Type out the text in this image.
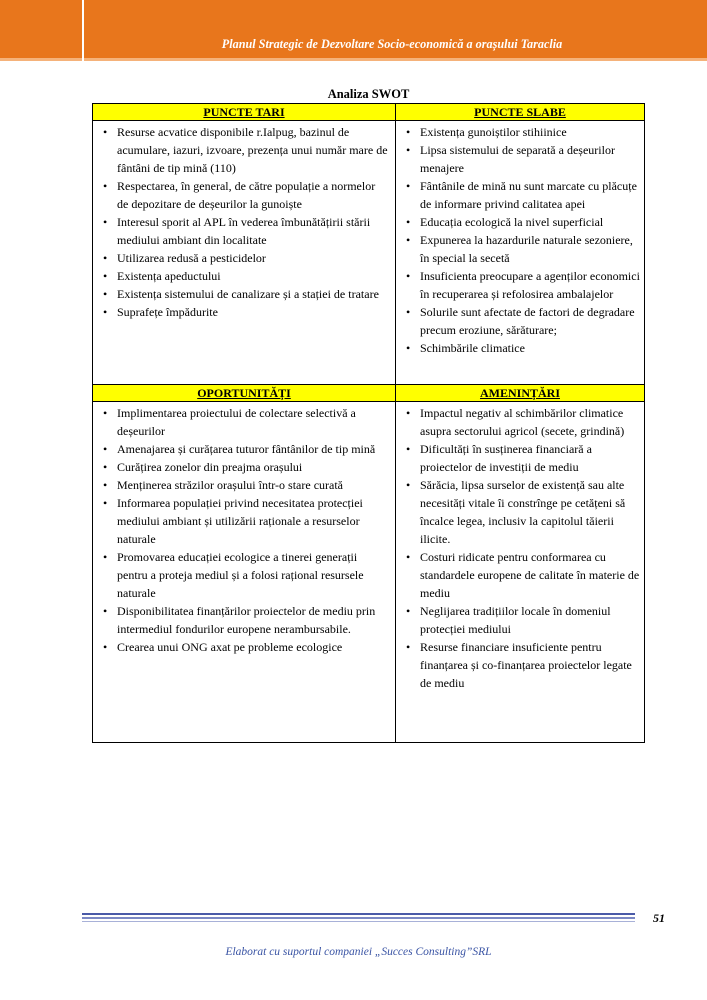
Planul Strategic de Dezvoltare Socio-economică a orașului Taraclia
Analiza SWOT
PUNCTE TARI	PUNCTE SLABE
• Resurse acvatice disponibile r.Ialpug, bazinul de acumulare, iazuri, izvoare, prezența unui număr mare de fântâni de tip mină (110)
• Respectarea, în general, de către populație a normelor de depozitare de deșeurilor la gunoiște
• Interesul sporit al APL în vederea îmbunătățirii stării mediului ambiant din localitate
• Utilizarea redusă a pesticidelor
• Existența apeductului
• Existența sistemului de canalizare și a stației de tratare
• Suprafețe împădurite
• Existența gunoiștilor stihiinice
• Lipsa sistemului de separată a deșeurilor menajere
• Fântânile de mină nu sunt marcate cu plăcuțe de informare privind calitatea apei
• Educația ecologică la nivel superficial
• Expunerea la hazardurile naturale sezoniere, în special la secetă
• Insuficienta preocupare a agenților economici în recuperarea și refolosirea ambalajelor
• Solurile sunt afectate de factori de degradare precum eroziune, sărăturare;
• Schimbările climatice
OPORTUNITĂȚI	AMENINȚĂRI
• Implimentarea proiectului de colectare selectivă a deșeurilor
• Amenajarea și curățarea tuturor fântânilor de tip mină
• Curățirea zonelor din preajma orașului
• Menținerea străzilor orașului într-o stare curată
• Informarea populației privind necesitatea protecției mediului ambiant și utilizării raționale a resurselor naturale
• Promovarea educației ecologice a tinerei generații pentru a proteja mediul și a folosi rațional resursele naturale
• Disponibilitatea finanțărilor proiectelor de mediu prin intermediul fondurilor europene nerambursabile.
• Crearea unui ONG axat pe probleme ecologice
• Impactul negativ al schimbărilor climatice asupra sectorului agricol (secete, grindină)
• Dificultăți în susținerea financiară a proiectelor de investiții de mediu
• Sărăcia, lipsa surselor de existență sau alte necesități vitale îi constrînge pe cetățeni să încalce legea, inclusiv la capitolul tăierii ilicite.
• Costuri ridicate pentru conformarea cu standardele europene de calitate în materie de mediu
• Neglijarea tradițiilor locale în domeniul protecției mediului
• Resurse financiare insuficiente pentru finanțarea și co-finanțarea proiectelor legate de mediu
51
Elaborat cu suportul companiei „Succes Consulting”SRL
